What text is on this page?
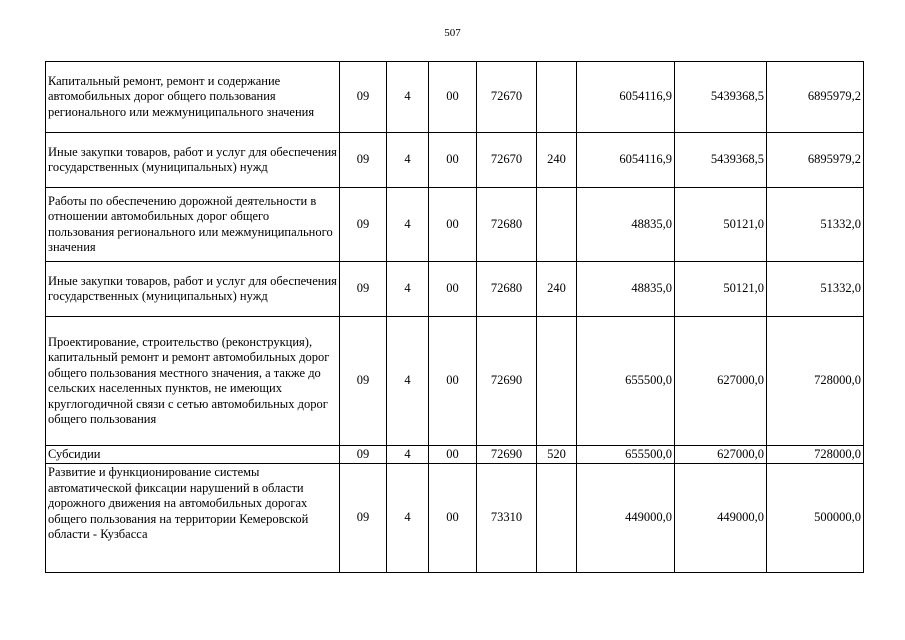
507
Капитальный ремонт, ремонт и содержание автомобильных дорог общего пользования регионального или межмуниципального значения	09	4	00	72670		6054116,9	5439368,5	6895979,2
Иные закупки товаров, работ и услуг для обеспечения государственных (муниципальных) нужд	09	4	00	72670	240	6054116,9	5439368,5	6895979,2
Работы по обеспечению дорожной деятельности в отношении автомобильных дорог общего пользования регионального или межмуниципального значения	09	4	00	72680		48835,0	50121,0	51332,0
Иные закупки товаров, работ и услуг для обеспечения государственных (муниципальных) нужд	09	4	00	72680	240	48835,0	50121,0	51332,0
Проектирование, строительство (реконструкция), капитальный ремонт и ремонт автомобильных дорог общего пользования местного значения, а также до сельских населенных пунктов, не имеющих круглогодичной связи с сетью автомобильных дорог общего пользования	09	4	00	72690		655500,0	627000,0	728000,0
Субсидии	09	4	00	72690	520	655500,0	627000,0	728000,0
Развитие и функционирование системы автоматической фиксации нарушений в области дорожного движения на автомобильных дорогах общего пользования на территории Кемеровской области - Кузбасса	09	4	00	73310		449000,0	449000,0	500000,0
